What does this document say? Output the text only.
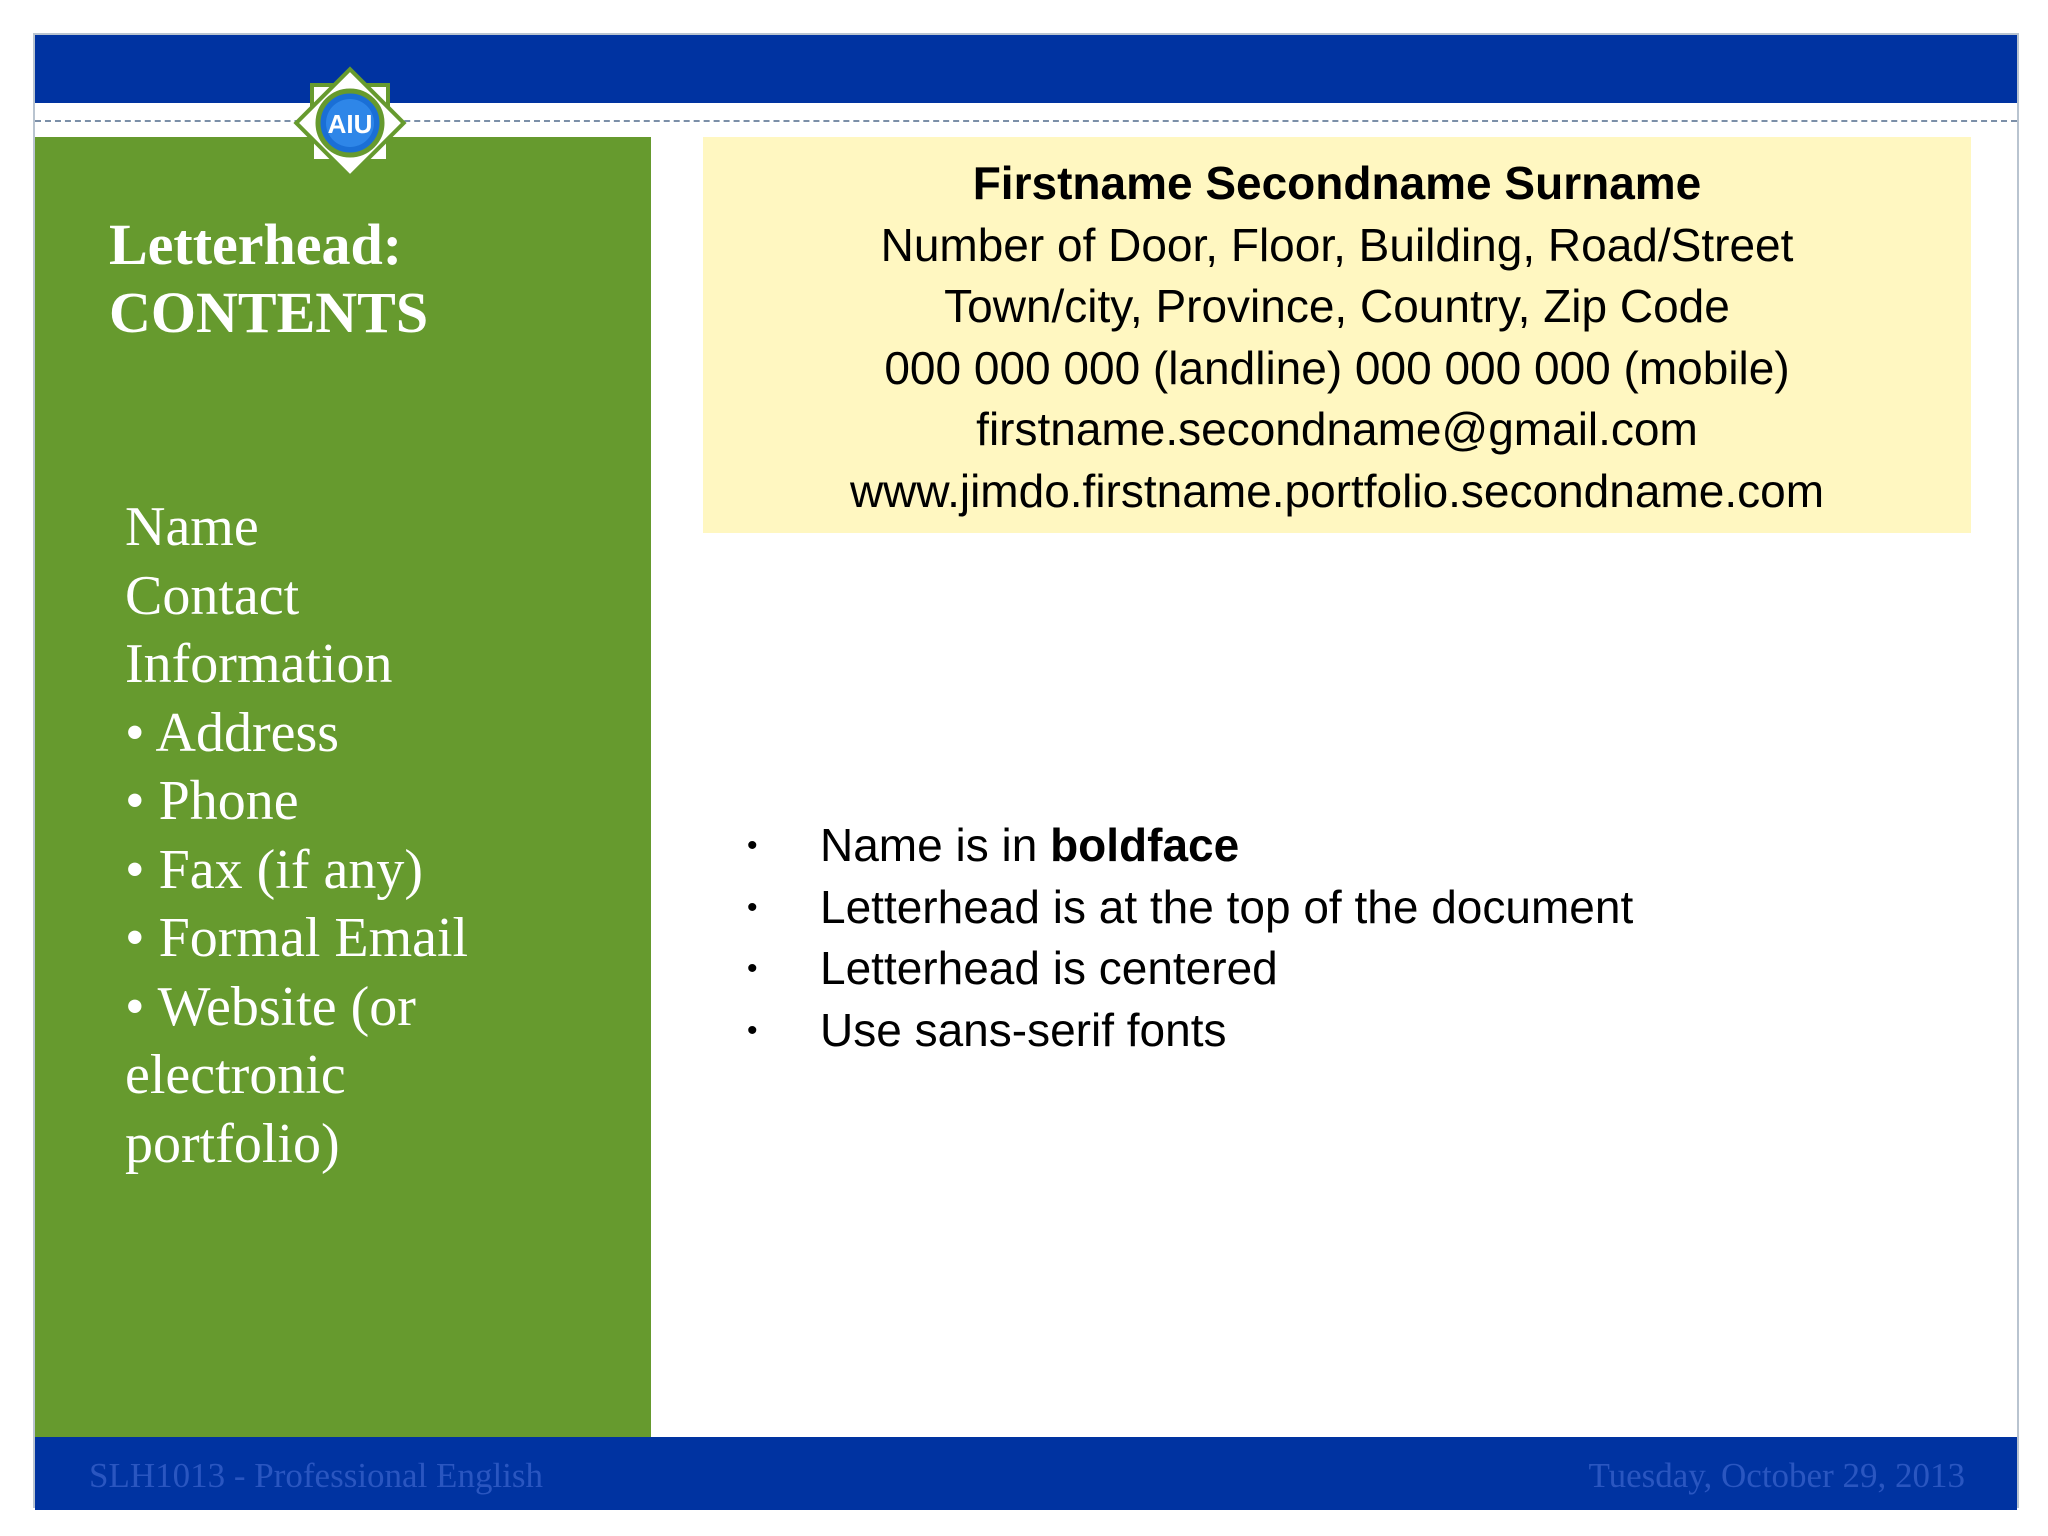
AIU
Letterhead:
CONTENTS
Name
Contact
Information
• Address
• Phone
• Fax (if any)
• Formal Email
• Website (or
electronic
portfolio)
Firstname Secondname Surname
Number of Door, Floor, Building, Road/Street
Town/city, Province, Country, Zip Code
000 000 000 (landline) 000 000 000 (mobile)
firstname.secondname@gmail.com
www.jimdo.firstname.portfolio.secondname.com
• Name is in boldface
• Letterhead is at the top of the document
• Letterhead is centered
• Use sans-serif fonts
SLH1013 - Professional English	Tuesday, October 29, 2013
